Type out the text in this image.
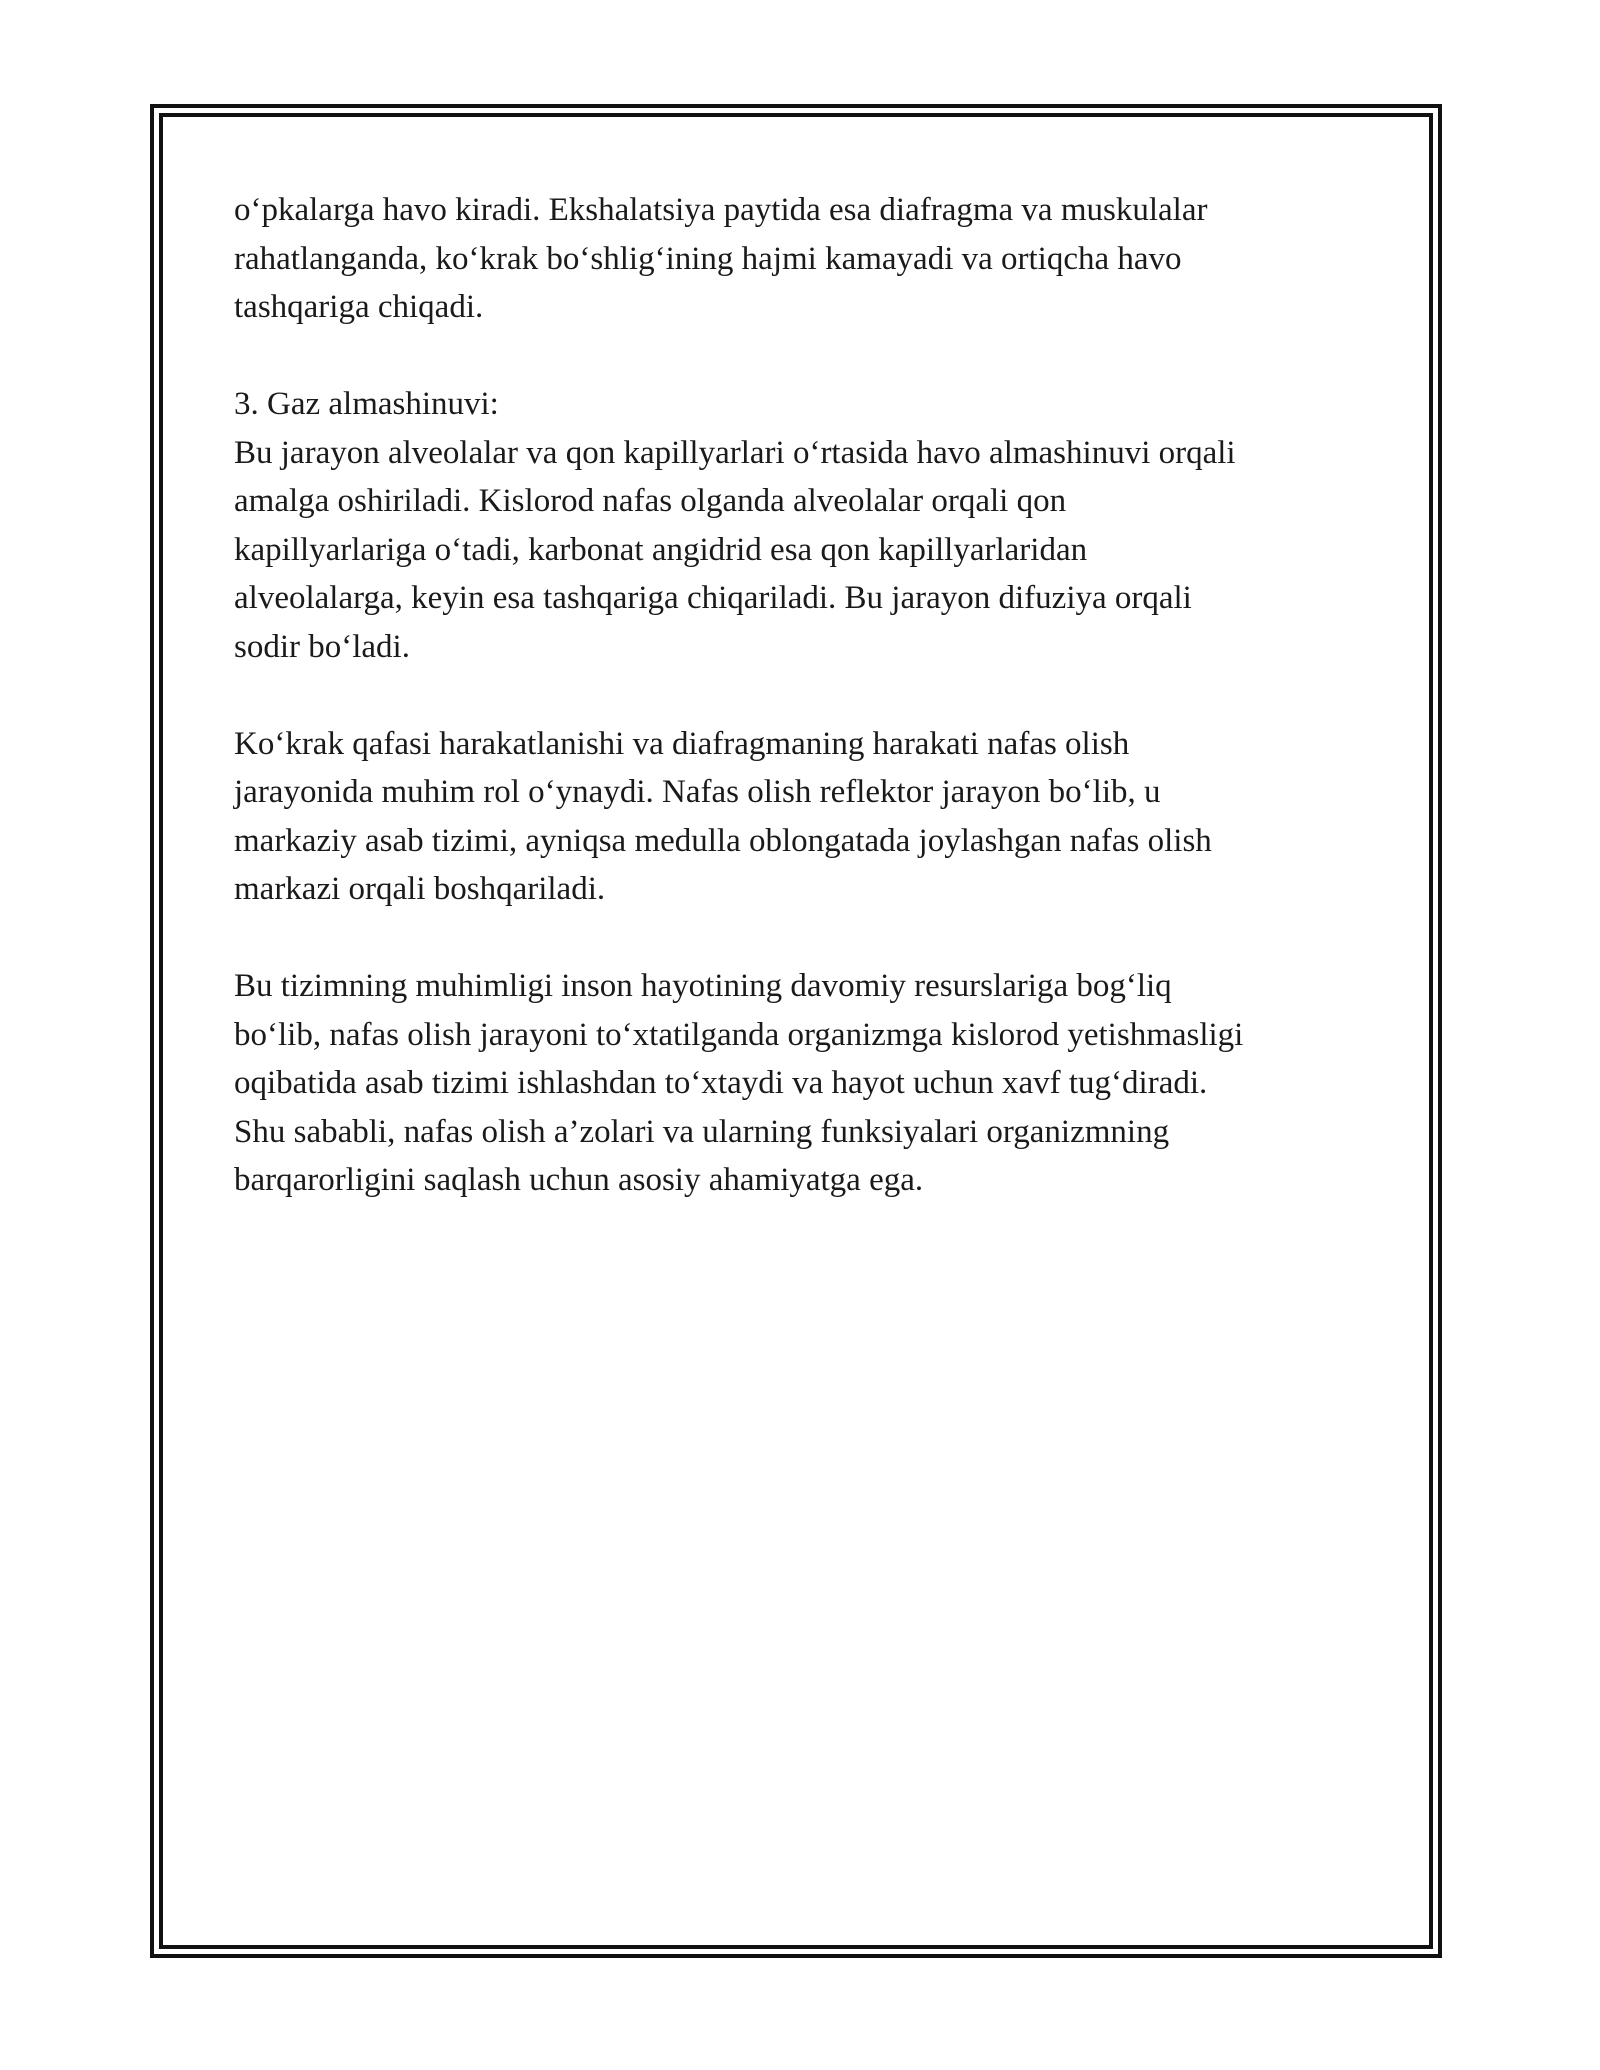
o‘pkalarga havo kiradi. Ekshalatsiya paytida esa diafragma va muskulalar
rahatlanganda, ko‘krak bo‘shlig‘ining hajmi kamayadi va ortiqcha havo
tashqariga chiqadi.

3. Gaz almashinuvi:
Bu jarayon alveolalar va qon kapillyarlari o‘rtasida havo almashinuvi orqali
amalga oshiriladi. Kislorod nafas olganda alveolalar orqali qon
kapillyarlariga o‘tadi, karbonat angidrid esa qon kapillyarlaridan
alveolalarga, keyin esa tashqariga chiqariladi. Bu jarayon difuziya orqali
sodir bo‘ladi.

Ko‘krak qafasi harakatlanishi va diafragmaning harakati nafas olish
jarayonida muhim rol o‘ynaydi. Nafas olish reflektor jarayon bo‘lib, u
markaziy asab tizimi, ayniqsa medulla oblongatada joylashgan nafas olish
markazi orqali boshqariladi.

Bu tizimning muhimligi inson hayotining davomiy resurslariga bog‘liq
bo‘lib, nafas olish jarayoni to‘xtatilganda organizmga kislorod yetishmasligi
oqibatida asab tizimi ishlashdan to‘xtaydi va hayot uchun xavf tug‘diradi.
Shu sababli, nafas olish a’zolari va ularning funksiyalari organizmning
barqarorligini saqlash uchun asosiy ahamiyatga ega.
